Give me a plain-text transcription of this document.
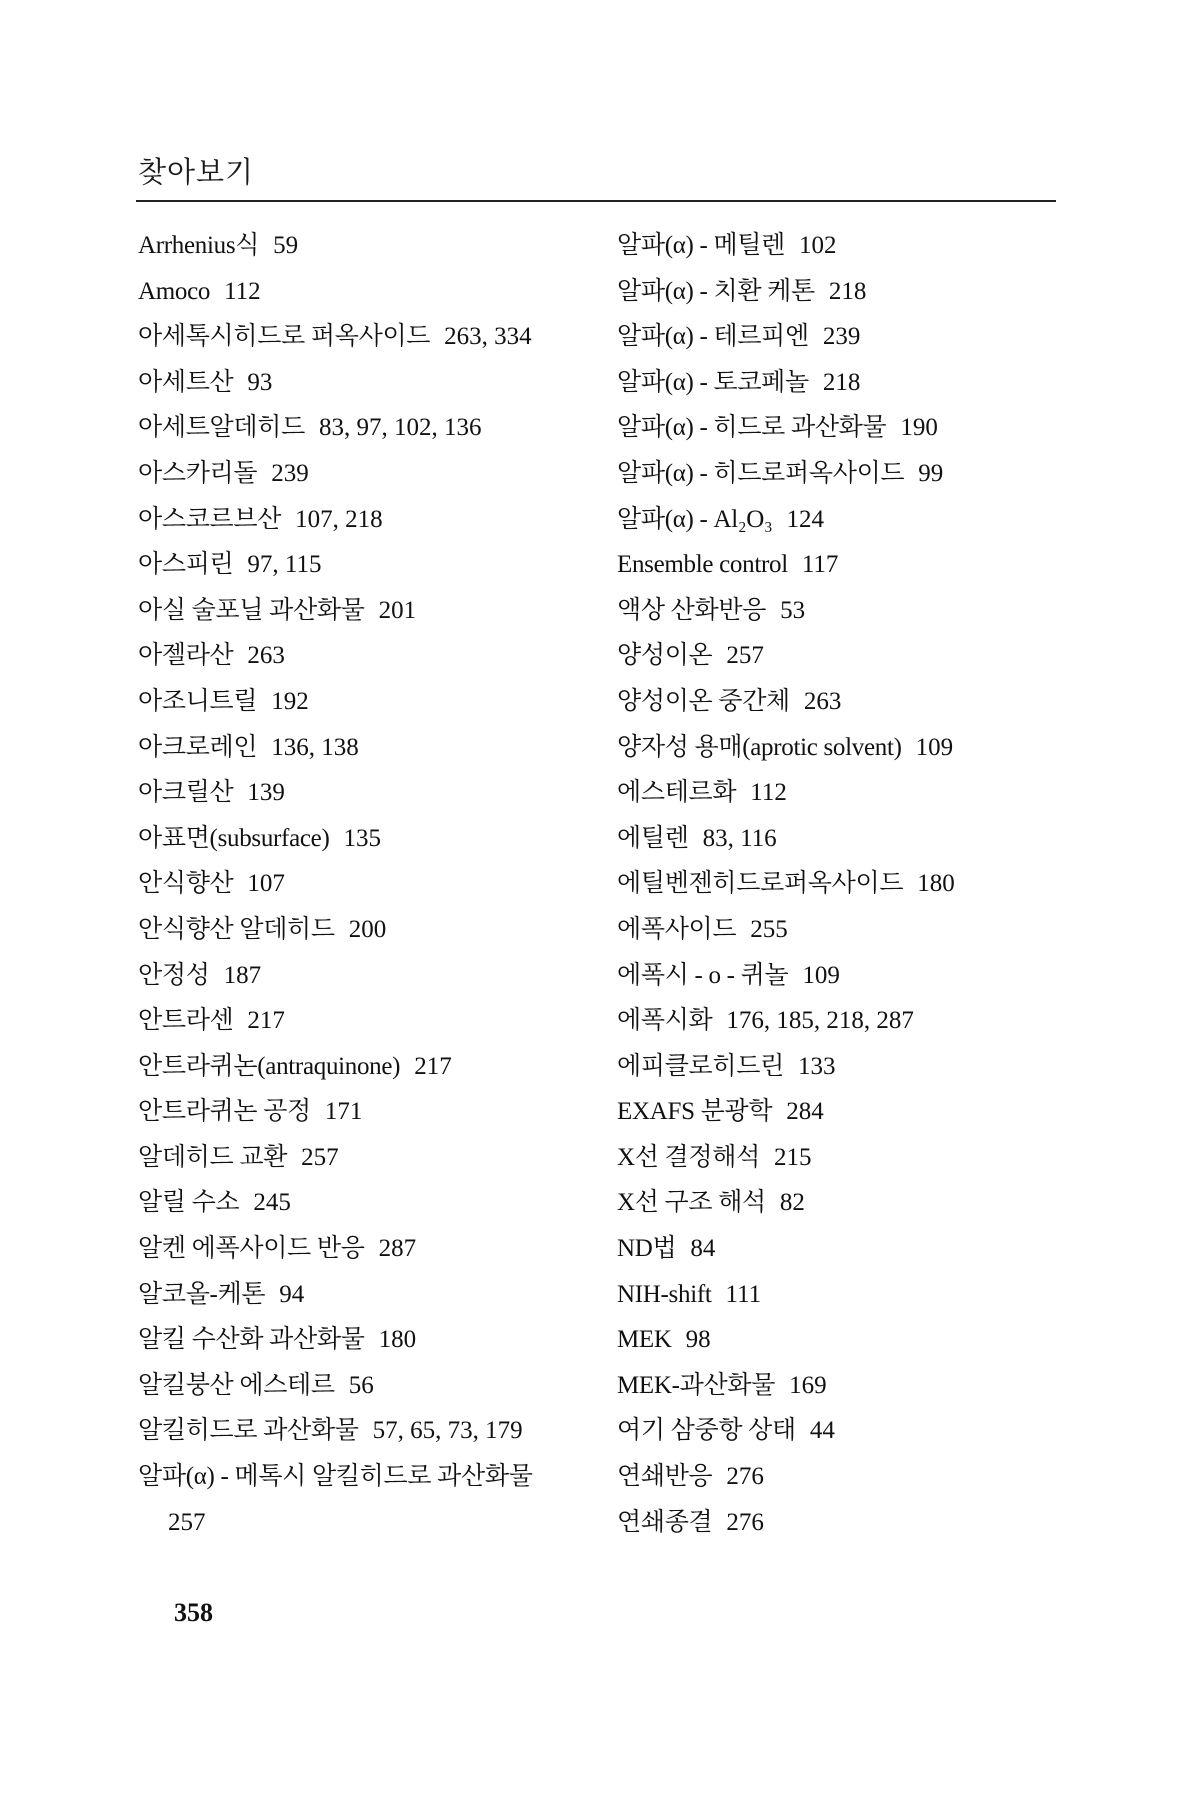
찾아보기
Arrhenius식 59
Amoco 112
아세톡시히드로 퍼옥사이드 263, 334
아세트산 93
아세트알데히드 83, 97, 102, 136
아스카리돌 239
아스코르브산 107, 218
아스피린 97, 115
아실 술포닐 과산화물 201
아젤라산 263
아조니트릴 192
아크로레인 136, 138
아크릴산 139
아표면(subsurface) 135
안식향산 107
안식향산 알데히드 200
안정성 187
안트라센 217
안트라퀴논(antraquinone) 217
안트라퀴논 공정 171
알데히드 교환 257
알릴 수소 245
알켄 에폭사이드 반응 287
알코올-케톤 94
알킬 수산화 과산화물 180
알킬붕산 에스테르 56
알킬히드로 과산화물 57, 65, 73, 179
알파(α) - 메톡시 알킬히드로 과산화물
257
알파(α) - 메틸렌 102
알파(α) - 치환 케톤 218
알파(α) - 테르피엔 239
알파(α) - 토코페놀 218
알파(α) - 히드로 과산화물 190
알파(α) - 히드로퍼옥사이드 99
알파(α) - Al₂O₃ 124
Ensemble control 117
액상 산화반응 53
양성이온 257
양성이온 중간체 263
양자성 용매(aprotic solvent) 109
에스테르화 112
에틸렌 83, 116
에틸벤젠히드로퍼옥사이드 180
에폭사이드 255
에폭시 - o - 퀴놀 109
에폭시화 176, 185, 218, 287
에피클로히드린 133
EXAFS 분광학 284
X선 결정해석 215
X선 구조 해석 82
ND법 84
NIH-shift 111
MEK 98
MEK-과산화물 169
여기 삼중항 상태 44
연쇄반응 276
연쇄종결 276
358
